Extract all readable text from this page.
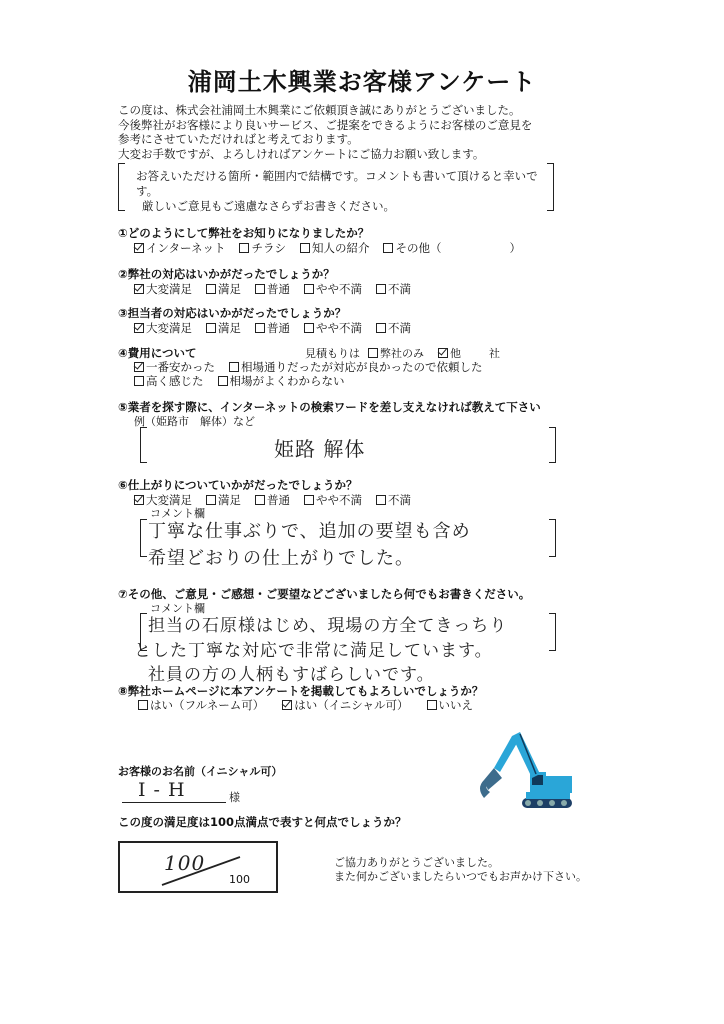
浦岡土木興業お客様アンケート
この度は、株式会社浦岡土木興業にご依頼頂き誠にありがとうございました。
今後弊社がお客様により良いサービス、ご提案をできるようにお客様のご意見を
参考にさせていただければと考えております。
大変お手数ですが、よろしければアンケートにご協力お願い致します。
お答えいただける箇所・範囲内で結構です。コメントも書いて頂けると幸いです。
厳しいご意見もご遠慮なさらずお書きください。
①どのようにして弊社をお知りになりましたか？
インターネット チラシ 知人の紹介 その他（	）
②弊社の対応はいかがだったでしょうか？
大変満足 満足 普通 やや不満 不満
③担当者の対応はいかがだったでしょうか？
大変満足 満足 普通 やや不満 不満
④費用について	見積もりは 弊社のみ 他	社
一番安かった 相場通りだったが対応が良かったので依頼した
高く感じた 相場がよくわからない
⑤業者を探す際に、インターネットの検索ワードを差し支えなければ教えて下さい
例（姫路市　解体）など
姫路 解体
⑥仕上がりについていかがだったでしょうか？
大変満足 満足 普通 やや不満 不満
コメント欄
丁寧な仕事ぶりで、追加の要望も含め
希望どおりの仕上がりでした。
⑦その他、ご意見・ご感想・ご要望などございましたら何でもお書きください。
コメント欄
担当の石原様はじめ、現場の方全てきっちり
とした丁寧な対応で非常に満足しています。
社員の方の人柄もすばらしいです。
⑧弊社ホームページに本アンケートを掲載してもよろしいでしょうか？
はい（フルネーム可）	はい（イニシャル可）	いいえ
お客様のお名前（イニシャル可）
I - H	様
この度の満足度は100点満点で表すと何点でしょうか？
100
100
ご協力ありがとうございました。
また何かございましたらいつでもお声かけ下さい。
